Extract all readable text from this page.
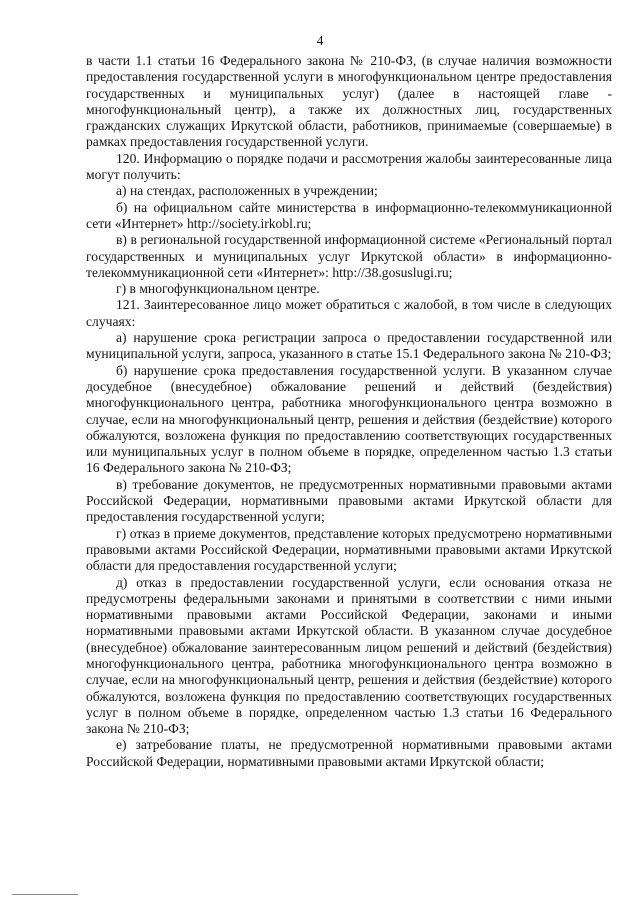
4

в части 1.1 статьи 16 Федерального закона № 210-ФЗ, (в случае наличия возможности предоставления государственной услуги в многофункциональном центре предоставления государственных и муниципальных услуг) (далее в настоящей главе - многофункциональный центр), а также их должностных лиц, государственных гражданских служащих Иркутской области, работников, принимаемые (совершаемые) в рамках предоставления государственной услуги.

120. Информацию о порядке подачи и рассмотрения жалобы заинтересованные лица могут получить:

а) на стендах, расположенных в учреждении;

б) на официальном сайте министерства в информационно-телекоммуникационной сети «Интернет» http://society.irkobl.ru;

в) в региональной государственной информационной системе «Региональный портал государственных и муниципальных услуг Иркутской области» в информационно-телекоммуникационной сети «Интернет»: http://38.gosuslugi.ru;

г) в многофункциональном центре.

121. Заинтересованное лицо может обратиться с жалобой, в том числе в следующих случаях:

а) нарушение срока регистрации запроса о предоставлении государственной или муниципальной услуги, запроса, указанного в статье 15.1 Федерального закона № 210-ФЗ;

б) нарушение срока предоставления государственной услуги. В указанном случае досудебное (внесудебное) обжалование решений и действий (бездействия) многофункционального центра, работника многофункционального центра возможно в случае, если на многофункциональный центр, решения и действия (бездействие) которого обжалуются, возложена функция по предоставлению соответствующих государственных или муниципальных услуг в полном объеме в порядке, определенном частью 1.3 статьи 16 Федерального закона № 210-ФЗ;

в) требование документов, не предусмотренных нормативными правовыми актами Российской Федерации, нормативными правовыми актами Иркутской области для предоставления государственной услуги;

г) отказ в приеме документов, представление которых предусмотрено нормативными правовыми актами Российской Федерации, нормативными правовыми актами Иркутской области для предоставления государственной услуги;

д) отказ в предоставлении государственной услуги, если основания отказа не предусмотрены федеральными законами и принятыми в соответствии с ними иными нормативными правовыми актами Российской Федерации, законами и иными нормативными правовыми актами Иркутской области. В указанном случае досудебное (внесудебное) обжалование заинтересованным лицом решений и действий (бездействия) многофункционального центра, работника многофункционального центра возможно в случае, если на многофункциональный центр, решения и действия (бездействие) которого обжалуются, возложена функция по предоставлению соответствующих государственных услуг в полном объеме в порядке, определенном частью 1.3 статьи 16 Федерального закона № 210-ФЗ;

е) затребование платы, не предусмотренной нормативными правовыми актами Российской Федерации, нормативными правовыми актами Иркутской области;
